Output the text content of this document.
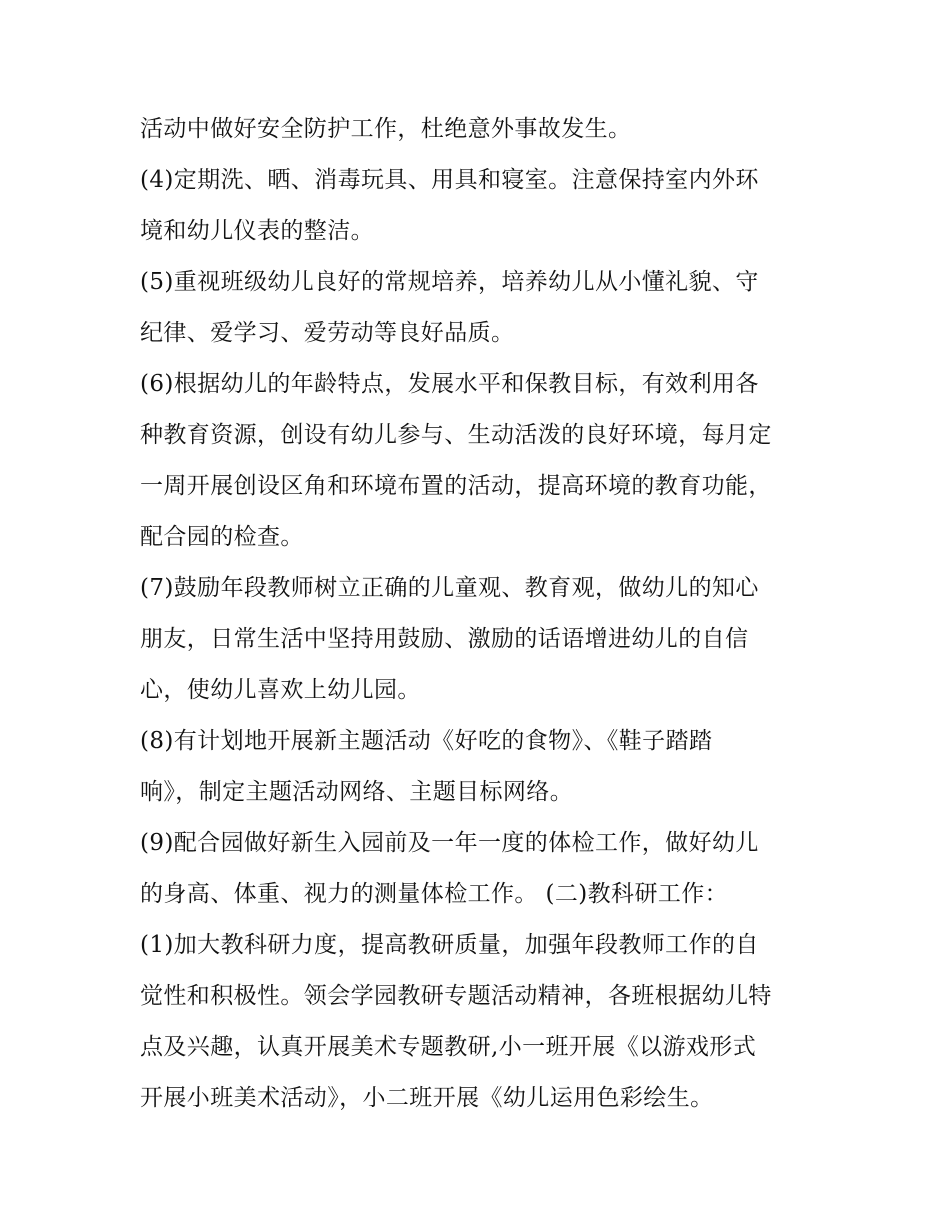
活动中做好安全防护工作，杜绝意外事故发生。
(4)定期洗、晒、消毒玩具、用具和寝室。注意保持室内外环
境和幼儿仪表的整洁。
(5)重视班级幼儿良好的常规培养，培养幼儿从小懂礼貌、守
纪律、爱学习、爱劳动等良好品质。
(6)根据幼儿的年龄特点，发展水平和保教目标，有效利用各
种教育资源，创设有幼儿参与、生动活泼的良好环境，每月定
一周开展创设区角和环境布置的活动，提高环境的教育功能，
配合园的检查。
(7)鼓励年段教师树立正确的儿童观、教育观，做幼儿的知心
朋友，日常生活中坚持用鼓励、激励的话语增进幼儿的自信
心，使幼儿喜欢上幼儿园。
(8)有计划地开展新主题活动《好吃的食物》、《鞋子踏踏
响》，制定主题活动网络、主题目标网络。
(9)配合园做好新生入园前及一年一度的体检工作，做好幼儿
的身高、体重、视力的测量体检工作。 (二)教科研工作：
(1)加大教科研力度，提高教研质量，加强年段教师工作的自
觉性和积极性。领会学园教研专题活动精神，各班根据幼儿特
点及兴趣，认真开展美术专题教研,小一班开展《以游戏形式
开展小班美术活动》，小二班开展《幼儿运用色彩绘生。
